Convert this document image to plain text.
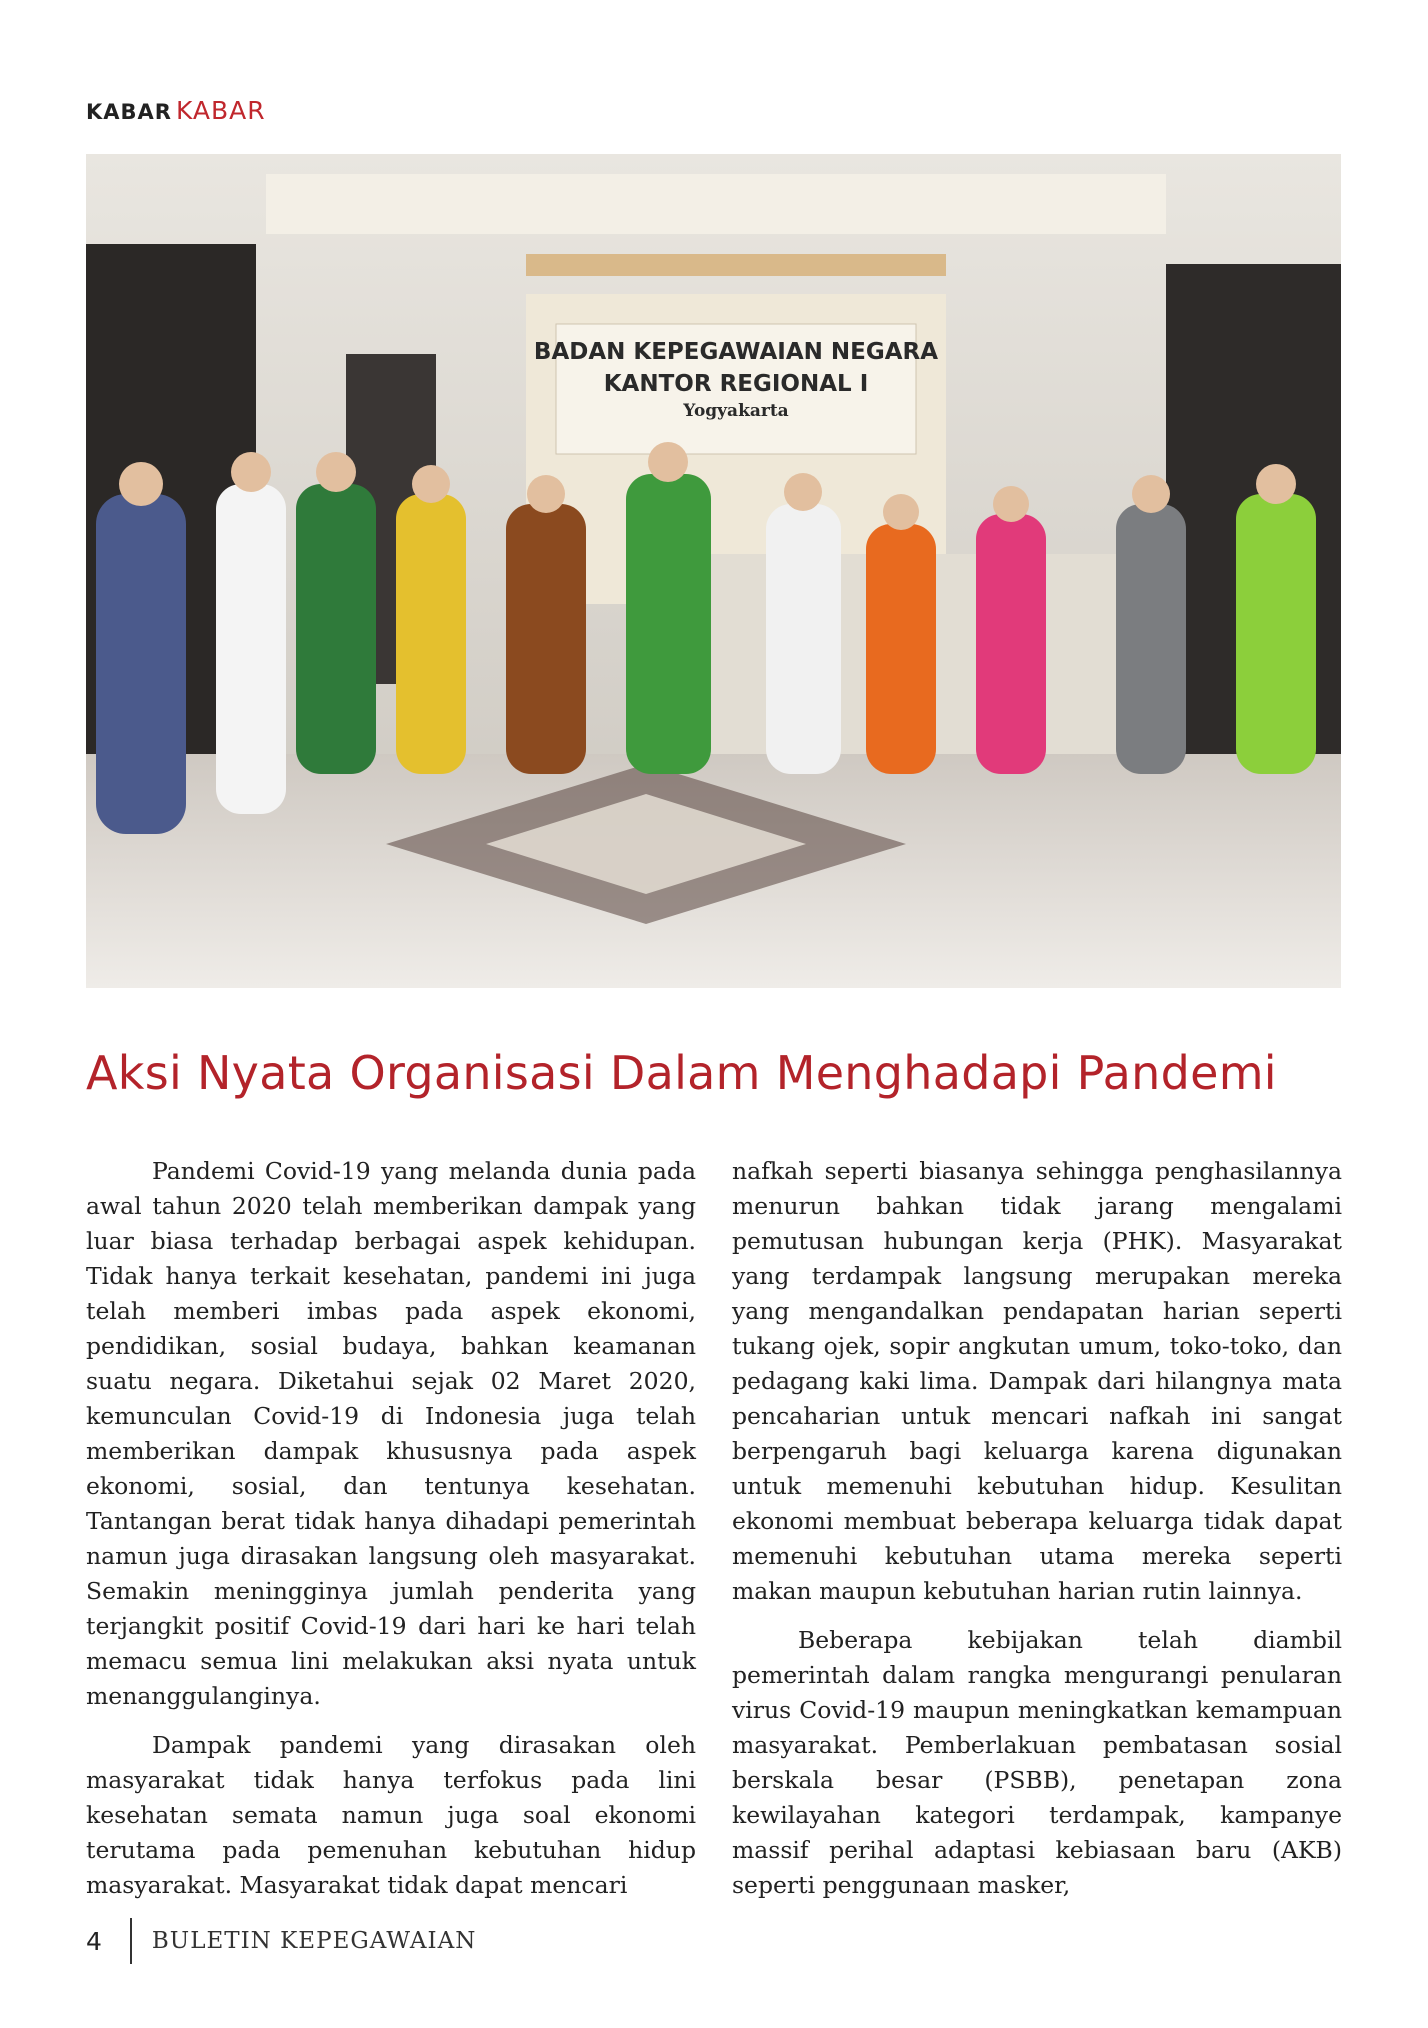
KABAR KABAR
BADAN KEPEGAWAIAN NEGARA
KANTOR REGIONAL I
Yogyakarta
Aksi Nyata Organisasi Dalam Menghadapi Pandemi

Pandemi Covid-19 yang melanda dunia pada awal tahun 2020 telah memberikan dampak yang luar biasa terhadap berbagai aspek kehidupan. Tidak hanya terkait kesehatan, pandemi ini juga telah memberi imbas pada aspek ekonomi, pendidikan, sosial budaya, bahkan keamanan suatu negara. Diketahui sejak 02 Maret 2020, kemunculan Covid-19 di Indonesia juga telah memberikan dampak khususnya pada aspek ekonomi, sosial, dan tentunya kesehatan. Tantangan berat tidak hanya dihadapi pemerintah namun juga dirasakan langsung oleh masyarakat. Semakin meningginya jumlah penderita yang terjangkit positif Covid-19 dari hari ke hari telah memacu semua lini melakukan aksi nyata untuk menanggulanginya.

Dampak pandemi yang dirasakan oleh masyarakat tidak hanya terfokus pada lini kesehatan semata namun juga soal ekonomi terutama pada pemenuhan kebutuhan hidup masyarakat. Masyarakat tidak dapat mencari

nafkah seperti biasanya sehingga penghasilannya menurun bahkan tidak jarang mengalami pemutusan hubungan kerja (PHK). Masyarakat yang terdampak langsung merupakan mereka yang mengandalkan pendapatan harian seperti tukang ojek, sopir angkutan umum, toko-toko, dan pedagang kaki lima. Dampak dari hilangnya mata pencaharian untuk mencari nafkah ini sangat berpengaruh bagi keluarga karena digunakan untuk memenuhi kebutuhan hidup. Kesulitan ekonomi membuat beberapa keluarga tidak dapat memenuhi kebutuhan utama mereka seperti makan maupun kebutuhan harian rutin lainnya.

Beberapa kebijakan telah diambil pemerintah dalam rangka mengurangi penularan virus Covid-19 maupun meningkatkan kemampuan masyarakat. Pemberlakuan pembatasan sosial berskala besar (PSBB), penetapan zona kewilayahan kategori terdampak, kampanye massif perihal adaptasi kebiasaan baru (AKB) seperti penggunaan masker,

4 BULETIN KEPEGAWAIAN
